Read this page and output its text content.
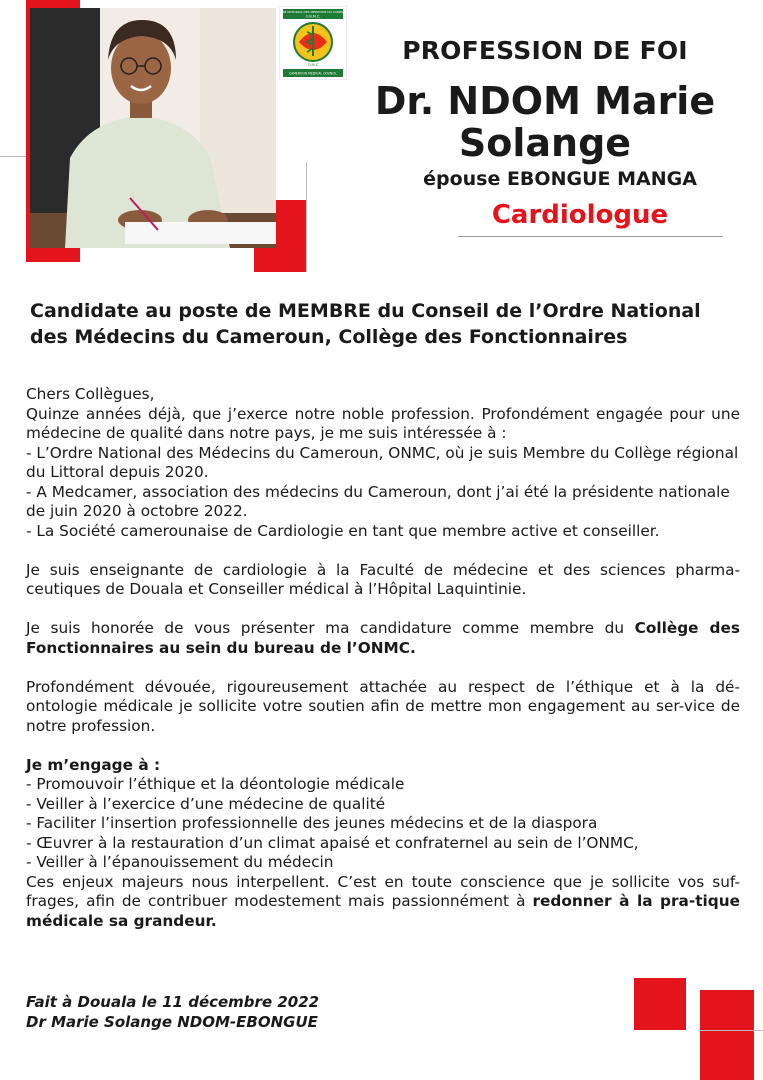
ORDRE NATIONAL DES MÉDECINS DU CAMEROUN
O.N.M.C.
O.M.C
CAMEROON MEDICAL COUNCIL
PROFESSION DE FOI
Dr. NDOM Marie
Solange
épouse EBONGUE MANGA
Cardiologue
Candidate au poste de MEMBRE du Conseil de l’Ordre National
des Médecins du Cameroun, Collège des Fonctionnaires

Chers Collègues,

Quinze années déjà, que j’exerce notre noble profession. Profondément engagée pour une médecine de qualité dans notre pays, je me suis intéressée à :

- L’Ordre National des Médecins du Cameroun, ONMC, où je suis Membre du Collège régional du Littoral depuis 2020.

- A Medcamer, association des médecins du Cameroun, dont j’ai été la présidente nationale de juin 2020 à octobre 2022.

- La Société camerounaise de Cardiologie en tant que membre active et conseiller.

Je suis enseignante de cardiologie à la Faculté de médecine et des sciences pharma-ceutiques de Douala et Conseiller médical à l’Hôpital Laquintinie.

Je suis honorée de vous présenter ma candidature comme membre du Collège des Fonctionnaires au sein du bureau de l’ONMC.

Profondément dévouée, rigoureusement attachée au respect de l’éthique et à la dé-ontologie médicale je sollicite votre soutien afin de mettre mon engagement au ser-vice de notre profession.

Je m’engage à :

- Promouvoir l’éthique et la déontologie médicale

- Veiller à l’exercice d’une médecine de qualité

- Faciliter l’insertion professionnelle des jeunes médecins et de la diaspora

- Œuvrer à la restauration d’un climat apaisé et confraternel au sein de l’ONMC,

- Veiller à l’épanouissement du médecin

Ces enjeux majeurs nous interpellent. C’est en toute conscience que je sollicite vos suf-frages, afin de contribuer modestement mais passionnément à redonner à la pra-tique médicale sa grandeur.

Fait à Douala le 11 décembre 2022
Dr Marie Solange NDOM-EBONGUE
